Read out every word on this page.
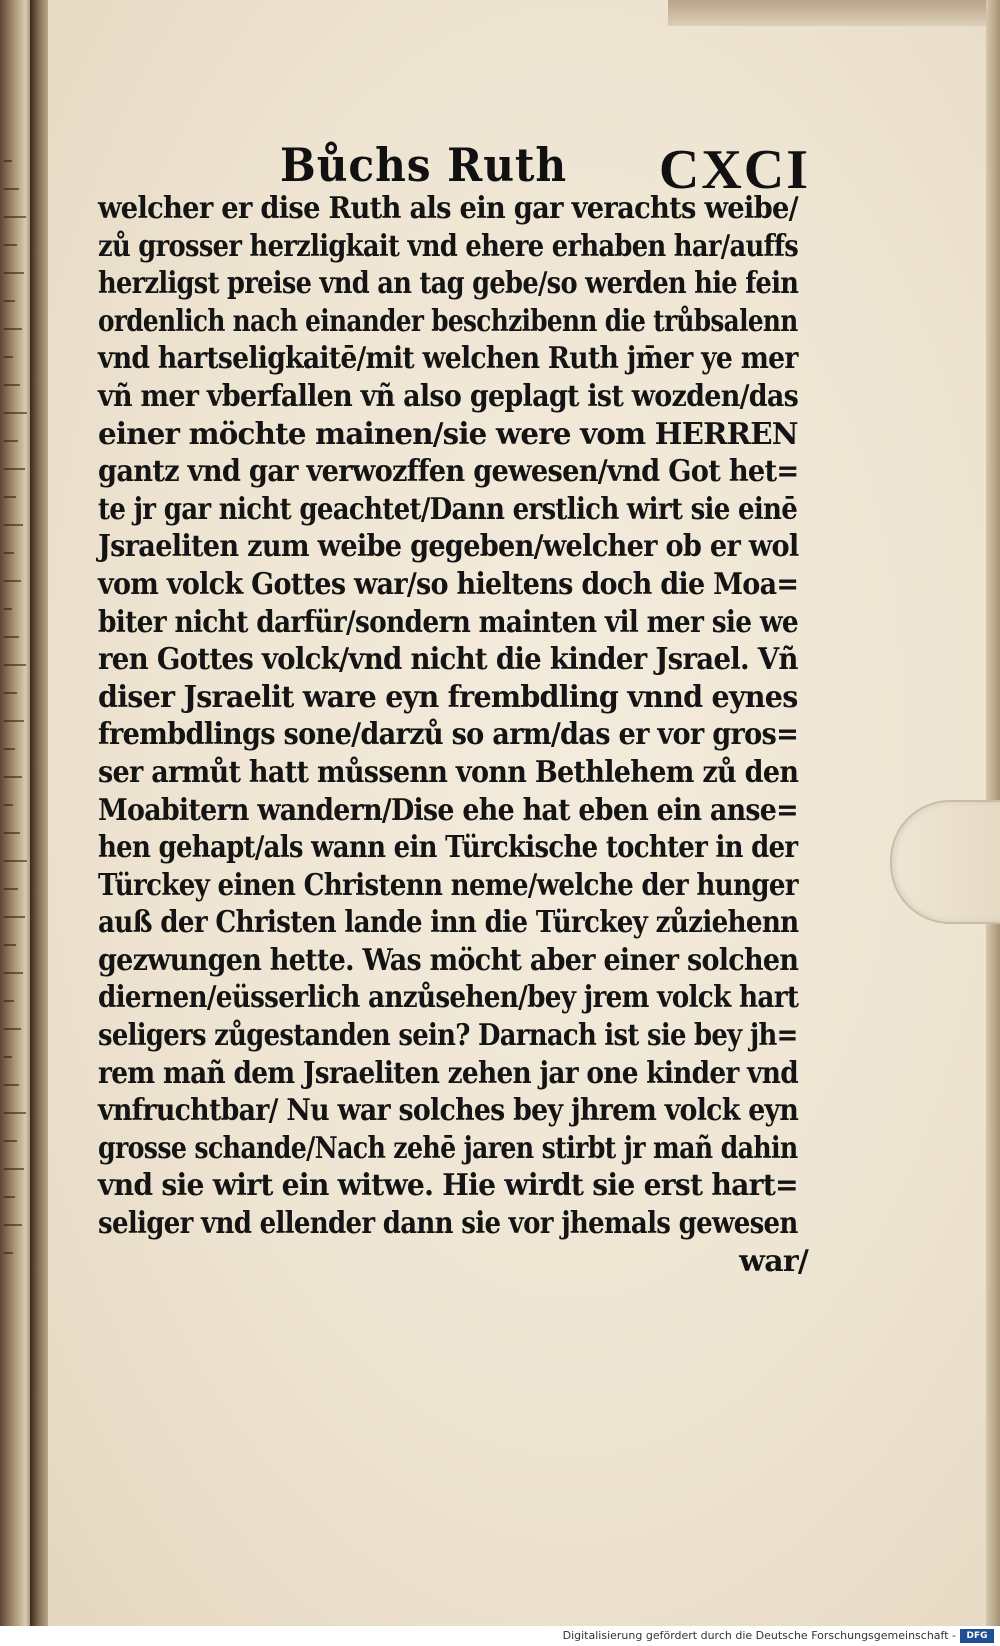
Bůchs Ruth CXCI
welcher er dise Ruth als ein gar verachts weibe/
zů grosser herzligkait vnd ehere erhaben har/auffs
herzligst preise vnd an tag gebe/so werden hie fein
ordenlich nach einander beschzibenn die trůbsalenn
vnd hartseligkaitē/mit welchen Ruth jm̄er ye mer
vñ mer vberfallen vñ also geplagt ist wozden/das
einer möchte mainen/sie were vom HERREN
gantz vnd gar verwozffen gewesen/vnd Got het=
te jr gar nicht geachtet/Dann erstlich wirt sie einē
Jsraeliten zum weibe gegeben/welcher ob er wol
vom volck Gottes war/so hieltens doch die Moa=
biter nicht darfür/sondern mainten vil mer sie we
ren Gottes volck/vnd nicht die kinder Jsrael. Vñ
diser Jsraelit ware eyn frembdling vnnd eynes
frembdlings sone/darzů so arm/das er vor gros=
ser armůt hatt můssenn vonn Bethlehem zů den
Moabitern wandern/Dise ehe hat eben ein anse=
hen gehapt/als wann ein Türckische tochter in der
Türckey einen Christenn neme/welche der hunger
auß der Christen lande inn die Türckey zůziehenn
gezwungen hette. Was möcht aber einer solchen
diernen/eüsserlich anzůsehen/bey jrem volck hart
seligers zůgestanden sein? Darnach ist sie bey jh=
rem mañ dem Jsraeliten zehen jar one kinder vnd
vnfruchtbar/ Nu war solches bey jhrem volck eyn
grosse schande/Nach zehē jaren stirbt jr mañ dahin
vnd sie wirt ein witwe. Hie wirdt sie erst hart=
seliger vnd ellender dann sie vor jhemals gewesen
war/
Digitalisierung gefördert durch die Deutsche Forschungsgemeinschaft -	DFG
